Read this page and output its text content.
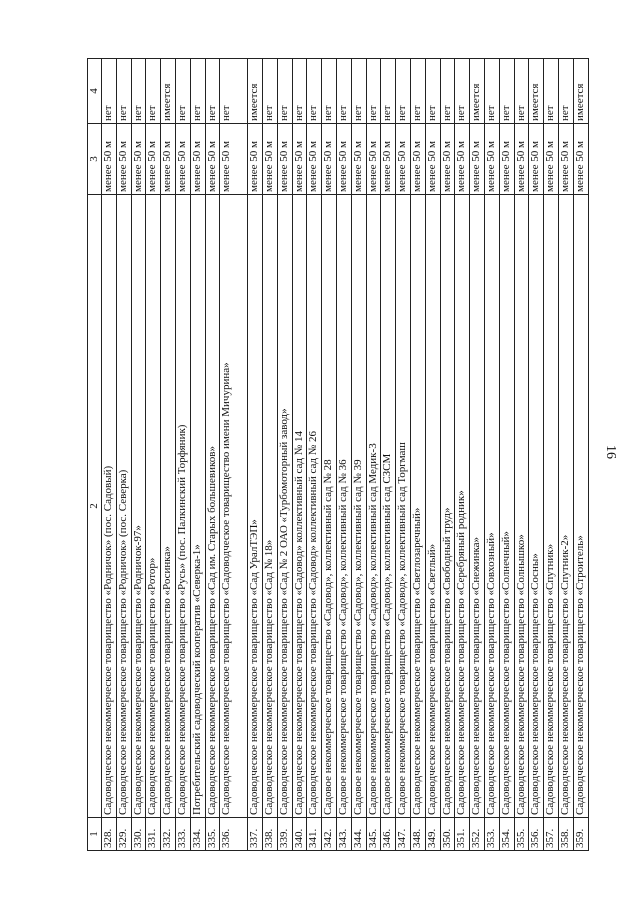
16
1	2	3	4
328.	Садоводческое некоммерческое товарищество «Родничок» (пос. Садовый)	менее 50 м	нет
329.	Садоводческое некоммерческое товарищество «Родничок» (пос. Северка)	менее 50 м	нет
330.	Садоводческое некоммерческое товарищество «Родничок-97»	менее 50 м	нет
331.	Садоводческое некоммерческое товарищество «Ротор»	менее 50 м	нет
332.	Садоводческое некоммерческое товарищество «Росинка»	менее 50 м	имеется
333.	Садоводческое некоммерческое товарищество «Русь» (пос. Палкинский Торфяник)	менее 50 м	нет
334.	Потребительский садоводческий кооператив «Северка-1»	менее 50 м	нет
335.	Садоводческое некоммерческое товарищество «Сад им. Старых большевиков»	менее 50 м	нет
336.	Садоводческое некоммерческое товарищество «Садоводческое товарищество имени Мичурина»	менее 50 м	нет
337.	Садоводческое некоммерческое товарищество «Сад УралТЭП»	менее 50 м	имеется
338.	Садоводческое некоммерческое товарищество «Сад № 18»	менее 50 м	нет
339.	Садоводческое некоммерческое товарищество «Сад № 2 ОАО «Турбомоторный завод»	менее 50 м	нет
340.	Садоводческое некоммерческое товарищество «Садовод» коллективный сад № 14	менее 50 м	нет
341.	Садоводческое некоммерческое товарищество «Садовод» коллективный сад № 26	менее 50 м	нет
342.	Садовое некоммерческое товарищество «Садовод», коллективный сад № 28	менее 50 м	нет
343.	Садовое некоммерческое товарищество «Садовод», коллективный сад № 36	менее 50 м	нет
344.	Садовое некоммерческое товарищество «Садовод», коллективный сад № 39	менее 50 м	нет
345.	Садовое некоммерческое товарищество «Садовод», коллективный сад Медик-3	менее 50 м	нет
346.	Садовое некоммерческое товарищество «Садовод», коллективный сад СЗСМ	менее 50 м	нет
347.	Садовое некоммерческое товарищество «Садовод», коллективный сад Торгмаш	менее 50 м	нет
348.	Садоводческое некоммерческое товарищество «Светлозаречный»	менее 50 м	нет
349.	Садоводческое некоммерческое товарищество «Светлый»	менее 50 м	нет
350.	Садоводческое некоммерческое товарищество «Свободный труд»	менее 50 м	нет
351.	Садоводческое некоммерческое товарищество «Серебряный родник»	менее 50 м	нет
352.	Садоводческое некоммерческое товарищество «Снежинка»	менее 50 м	имеется
353.	Садоводческое некоммерческое товарищество «Совхозный»	менее 50 м	нет
354.	Садоводческое некоммерческое товарищество «Солнечный»	менее 50 м	нет
355.	Садоводческое некоммерческое товарищество «Солнышко»	менее 50 м	нет
356.	Садоводческое некоммерческое товарищество «Сосны»	менее 50 м	имеется
357.	Садоводческое некоммерческое товарищество «Спутник»	менее 50 м	нет
358.	Садоводческое некоммерческое товарищество «Спутник-2»	менее 50 м	нет
359.	Садоводческое некоммерческое товарищество «Строитель»	менее 50 м	имеется
